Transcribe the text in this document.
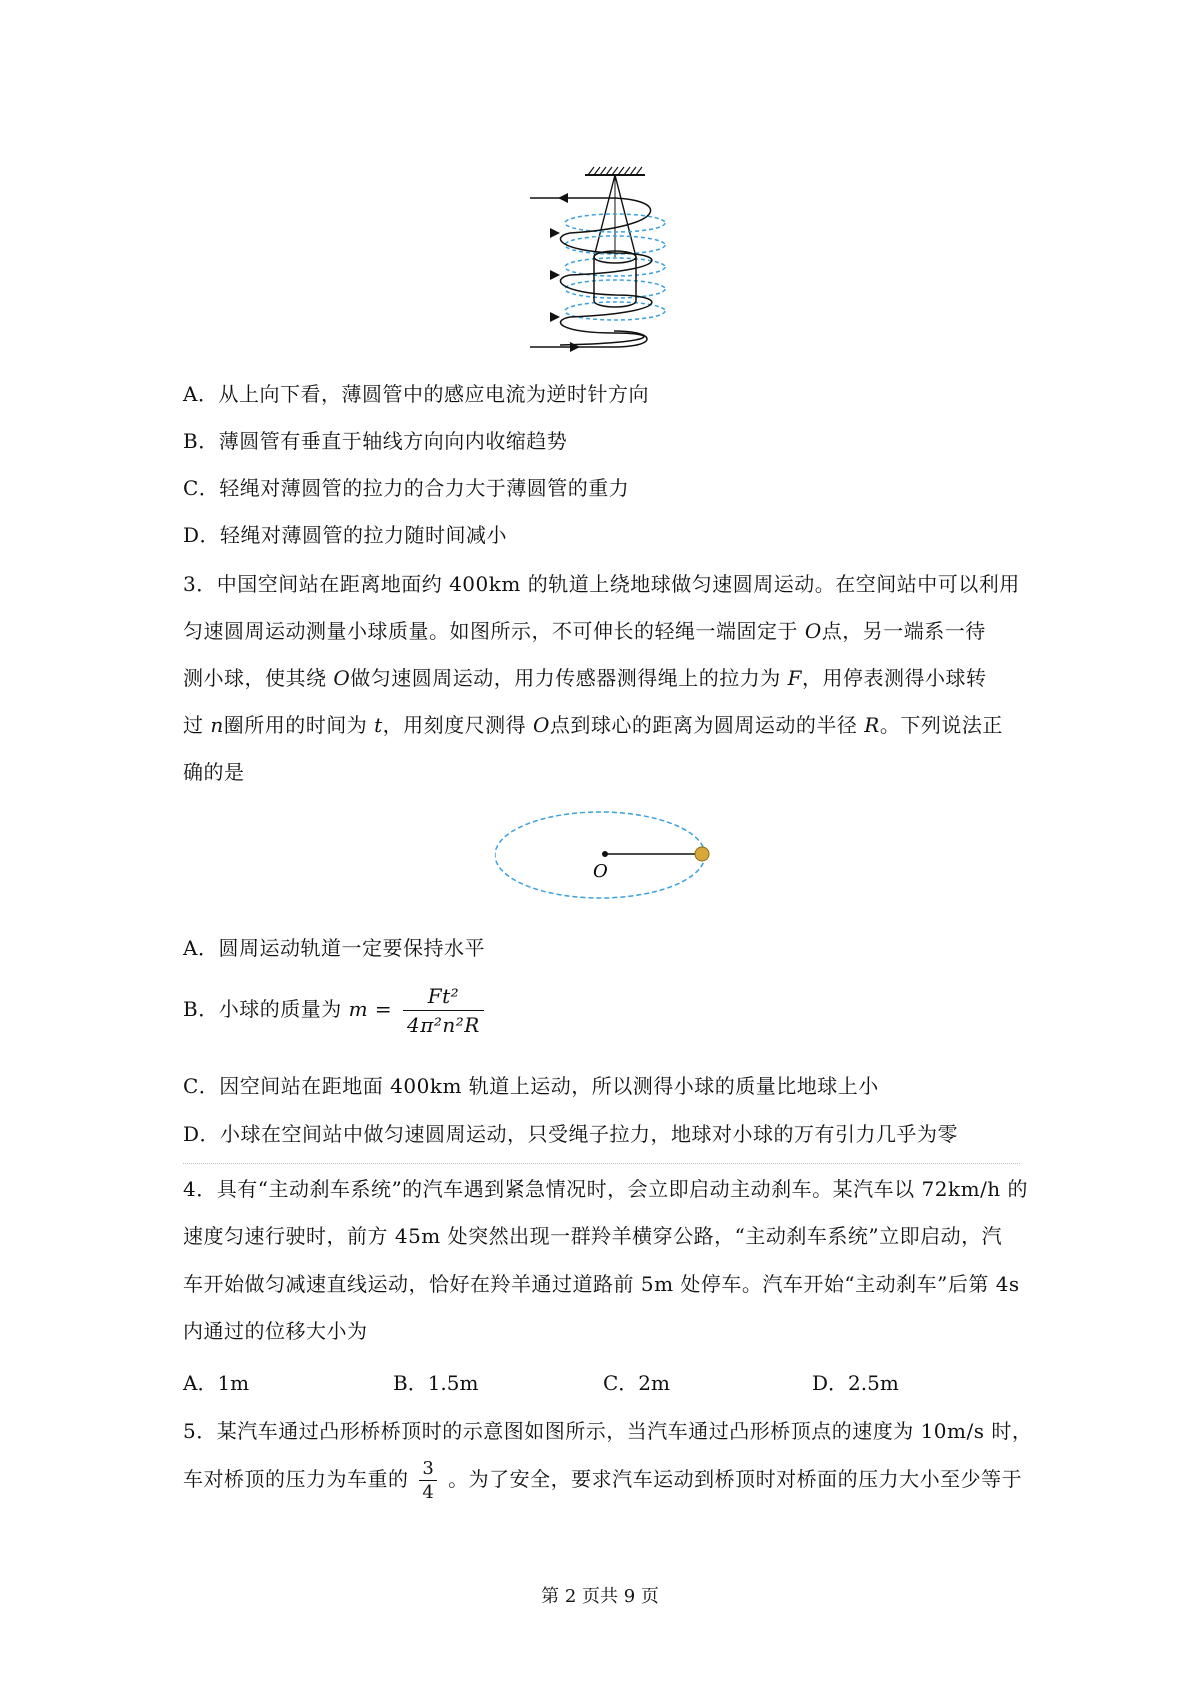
A．从上向下看，薄圆管中的感应电流为逆时针方向
B．薄圆管有垂直于轴线方向向内收缩趋势
C．轻绳对薄圆管的拉力的合力大于薄圆管的重力
D．轻绳对薄圆管的拉力随时间减小
3．中国空间站在距离地面约 400km 的轨道上绕地球做匀速圆周运动。在空间站中可以利用
匀速圆周运动测量小球质量。如图所示，不可伸长的轻绳一端固定于 O点，另一端系一待
测小球，使其绕 O做匀速圆周运动，用力传感器测得绳上的拉力为 F，用停表测得小球转
过 n圈所用的时间为 t，用刻度尺测得 O点到球心的距离为圆周运动的半径 R。下列说法正
确的是
O
A．圆周运动轨道一定要保持水平
B．小球的质量为 $m = \frac{\text{Ft²}}{\text{4π²n²R}}$
C．因空间站在距地面 400km 轨道上运动，所以测得小球的质量比地球上小
D．小球在空间站中做匀速圆周运动，只受绳子拉力，地球对小球的万有引力几乎为零
4．具有“主动刹车系统”的汽车遇到紧急情况时，会立即启动主动刹车。某汽车以 72km/h 的
速度匀速行驶时，前方 45m 处突然出现一群羚羊横穿公路，“主动刹车系统”立即启动，汽
车开始做匀减速直线运动，恰好在羚羊通过道路前 5m 处停车。汽车开始“主动刹车”后第 4s
内通过的位移大小为
A．1m	B．1.5m	C．2m	D．2.5m
5．某汽车通过凸形桥桥顶时的示意图如图所示，当汽车通过凸形桥顶点的速度为 10m/s 时，
车对桥顶的压力为车重的 $\frac{3}{4}$ 。为了安全，要求汽车运动到桥顶时对桥面的压力大小至少等于
第 2 页共 9 页
